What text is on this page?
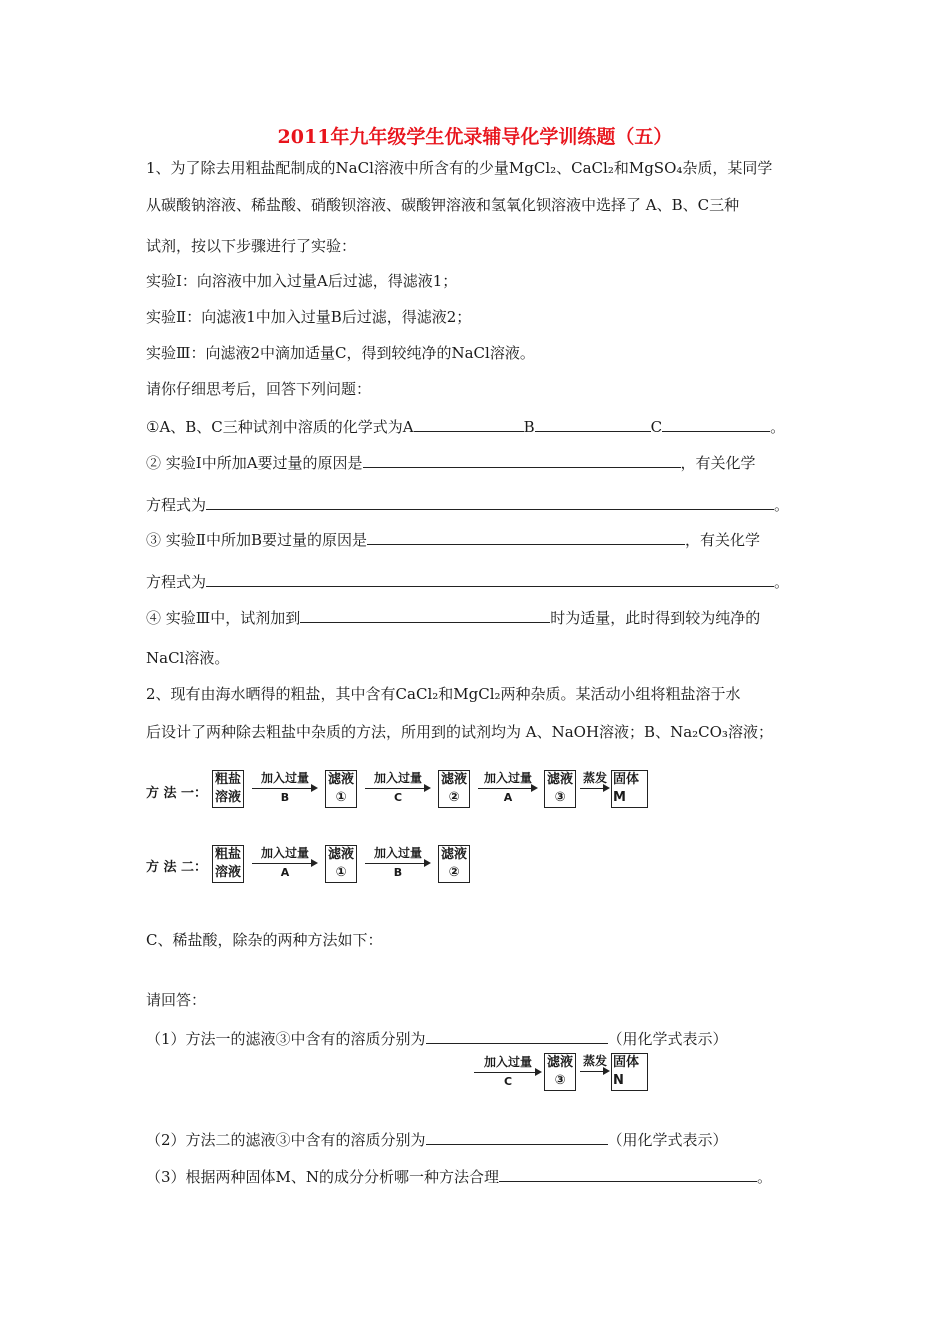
2011年九年级学生优录辅导化学训练题（五）
1、为了除去用粗盐配制成的NaCl溶液中所含有的少量MgCl₂、CaCl₂和MgSO₄杂质，某同学
从碳酸钠溶液、稀盐酸、硝酸钡溶液、碳酸钾溶液和氢氧化钡溶液中选择了 A、B、C三种
试剂，按以下步骤进行了实验：
实验Ⅰ：向溶液中加入过量A后过滤，得滤液1；
实验Ⅱ：向滤液1中加入过量B后过滤，得滤液2；
实验Ⅲ：向滤液2中滴加适量C，得到较纯净的NaCl溶液。
请你仔细思考后，回答下列问题：
①A、B、C三种试剂中溶质的化学式为A	B	C	。
② 实验Ⅰ中所加A要过量的原因是	，有关化学
方程式为	。
③ 实验Ⅱ中所加B要过量的原因是	，有关化学
方程式为	。
④ 实验Ⅲ中，试剂加到	时为适量，此时得到较为纯净的
NaCl溶液。
2、现有由海水晒得的粗盐，其中含有CaCl₂和MgCl₂两种杂质。某活动小组将粗盐溶于水
后设计了两种除去粗盐中杂质的方法，所用到的试剂均为 A、NaOH溶液；B、Na₂CO₃溶液；
方 法 一：
粗盐
溶液
加入过量
B
滤液
①
加入过量
C
滤液
②
加入过量
A
滤液
③
蒸发 固体
M
方 法 二：
粗盐
溶液
加入过量
A
滤液
①
加入过量
B
滤液
②
C、稀盐酸，除杂的两种方法如下：
请回答：
（1）方法一的滤液③中含有的溶质分别为	（用化学式表示）
加入过量
C
滤液
③
蒸发 固体
N
（2）方法二的滤液③中含有的溶质分别为	（用化学式表示）
（3）根据两种固体M、N的成分分析哪一种方法合理	。
